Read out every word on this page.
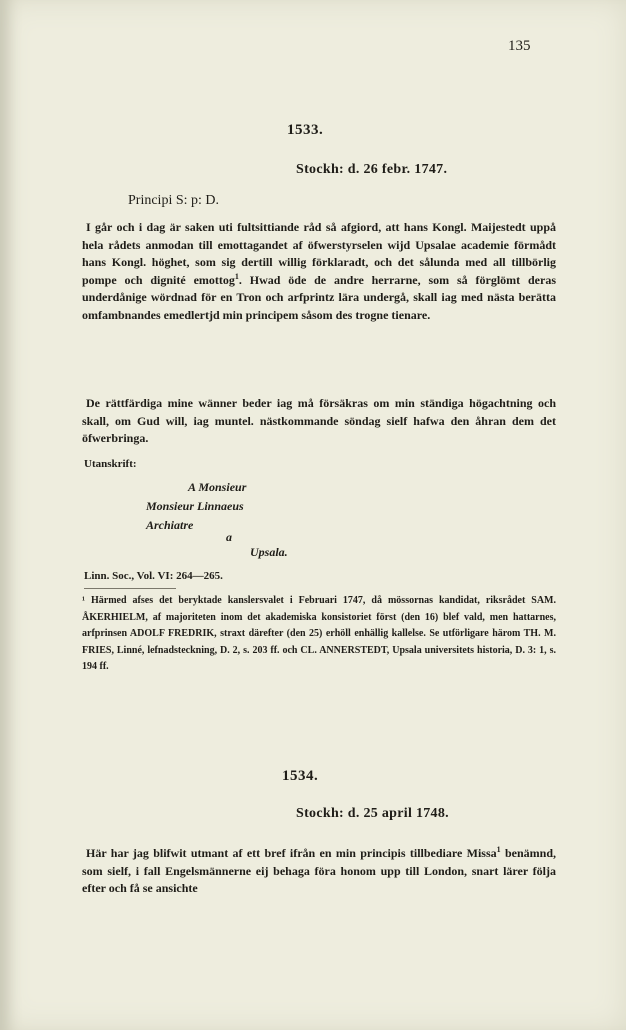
135
1533.
Stockh: d. 26 febr. 1747.
Principi S: p: D.

I går och i dag är saken uti fultsittiande råd så afgiord, att hans Kongl. Maijestedt uppå hela rådets anmodan till emottagandet af öfwerstyrselen wijd Upsalae academie förmådt hans Kongl. höghet, som sig dertill willig förklaradt, och det sålunda med all tillbörlig pompe och dignité emottog$^1$. Hwad öde de andre herrarne, som så förglömt deras underdånige wördnad för en Tron och arfprintz lära undergå, skall iag med nästa berätta omfambnandes emedlertjd min principem såsom des trogne tienare.

De rättfärdiga mine wänner beder iag må försäkras om min ständiga högachtning och skall, om Gud will, iag muntel. nästkommande söndag sielf hafwa den åhran dem det öfwerbringa.

Utanskrift:
A Monsieur
Monsieur Linnaeus
Archiatre
a
Upsala.
Linn. Soc., Vol. VI: 264—265.

¹ Härmed afses det beryktade kanslersvalet i Februari 1747, då mössornas kandidat, riksrådet SAM. ÅKERHIELM, af majoriteten inom det akademiska konsistoriet först (den 16) blef vald, men hattarnes, arfprinsen ADOLF FREDRIK, straxt därefter (den 25) erhöll enhällig kallelse. Se utförligare härom TH. M. FRIES, Linné, lefnadsteckning, D. 2, s. 203 ff. och CL. ANNERSTEDT, Upsala universitets historia, D. 3: 1, s. 194 ff.

1534.
Stockh: d. 25 april 1748.

Här har jag blifwit utmant af ett bref ifrån en min principis tillbediare Missa$^1$ benämnd, som sielf, i fall Engelsmännerne eij behaga föra honom upp till London, snart lärer följa efter och få se ansichte
